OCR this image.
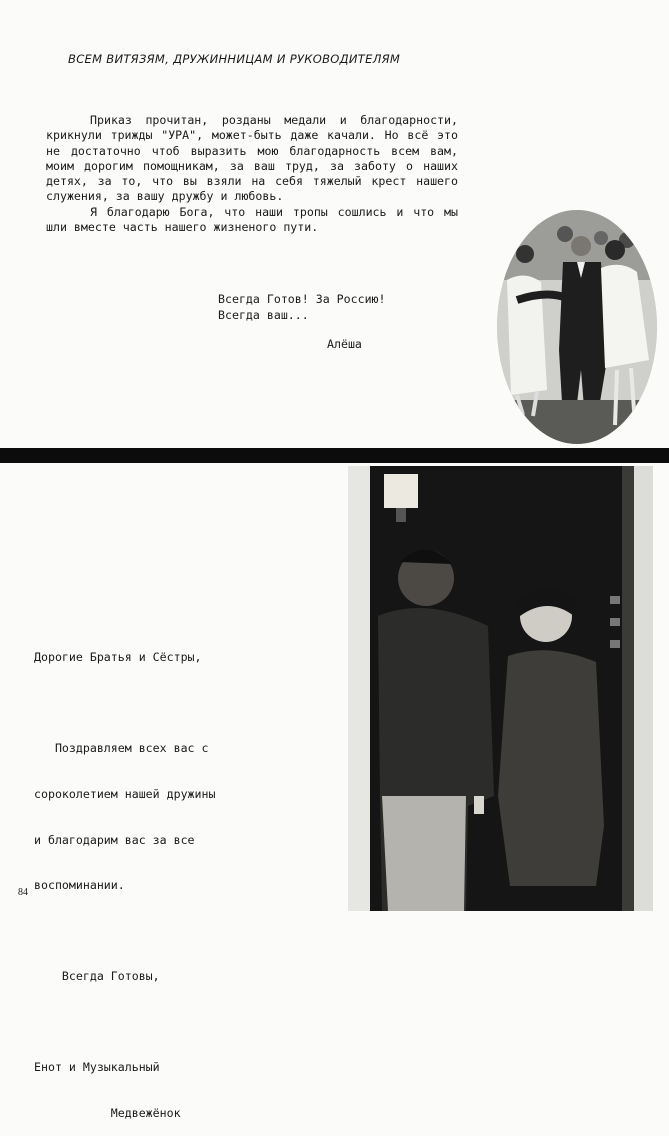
ВСЕМ ВИТЯЗЯМ, ДРУЖИННИЦАМ И РУКОВОДИТЕЛЯМ

Приказ прочитан, розданы медали и благодарности, крикнули трижды "УРА", может-быть даже качали. Но всё это не достаточно чтоб выразить мою благодарность всем вам, моим дорогим помощникам, за ваш труд, за заботу о наших детях, за то, что вы взяли на себя тяжелый крест нашего служения, за вашу дружбу и любовь.

Я благодарю Бога, что наши тропы сошлись и что мы шли вместе часть нашего жизненого пути.

Всегда Готов! За Россию!
Всегда ваш...
Алёша

Дорогие Братья и Сёстры,

Поздравляем всех вас с

сороколетием нашей дружины

и благодарим вас за все

воспоминании.

Всегда Готовы,

Енот и Музыкальный

Медвежёнок

84
